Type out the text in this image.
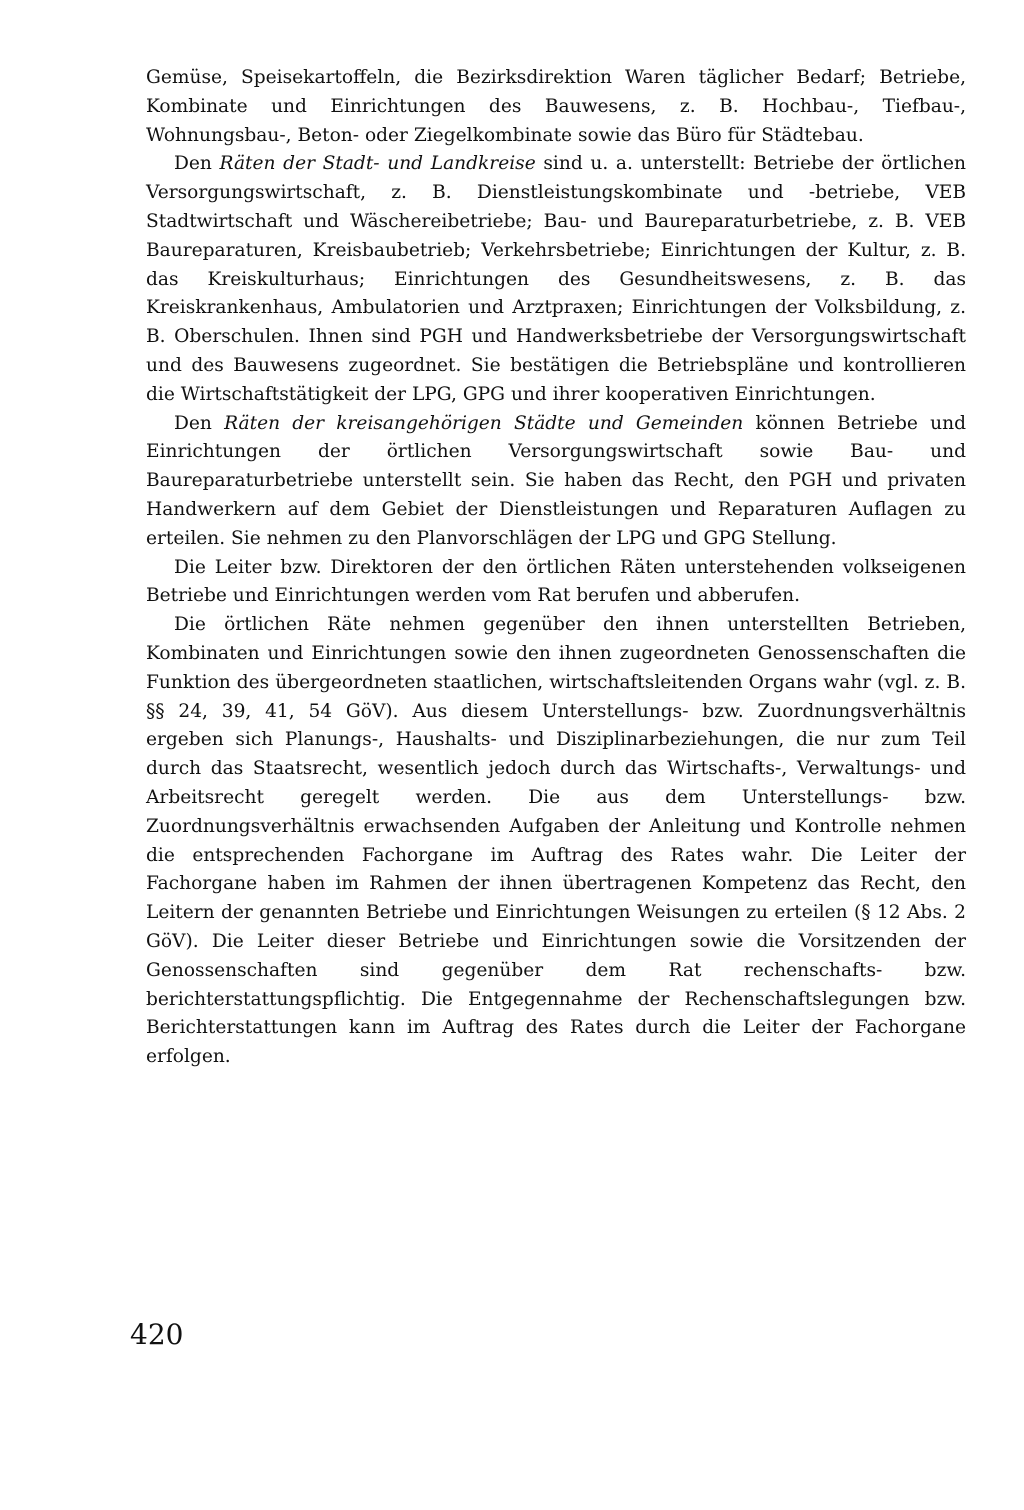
Gemüse, Speisekartoffeln, die Bezirksdirektion Waren täglicher Bedarf; Betriebe, Kombinate und Einrichtungen des Bauwesens, z. B. Hochbau-, Tiefbau-, Wohnungsbau-, Beton- oder Ziegelkombinate sowie das Büro für Städtebau.

Den Räten der Stadt- und Landkreise sind u. a. unterstellt: Betriebe der örtlichen Versorgungswirtschaft, z. B. Dienstleistungskombinate und -betriebe, VEB Stadtwirtschaft und Wäschereibetriebe; Bau- und Baureparaturbetriebe, z. B. VEB Baureparaturen, Kreisbaubetrieb; Verkehrsbetriebe; Einrichtungen der Kultur, z. B. das Kreiskulturhaus; Einrichtungen des Gesundheitswesens, z. B. das Kreiskrankenhaus, Ambulatorien und Arztpraxen; Einrichtungen der Volksbildung, z. B. Oberschulen. Ihnen sind PGH und Handwerksbetriebe der Versorgungswirtschaft und des Bauwesens zugeordnet. Sie bestätigen die Betriebspläne und kontrollieren die Wirtschaftstätigkeit der LPG, GPG und ihrer kooperativen Einrichtungen.

Den Räten der kreisangehörigen Städte und Gemeinden können Betriebe und Einrichtungen der örtlichen Versorgungswirtschaft sowie Bau- und Baureparaturbetriebe unterstellt sein. Sie haben das Recht, den PGH und privaten Handwerkern auf dem Gebiet der Dienstleistungen und Reparaturen Auflagen zu erteilen. Sie nehmen zu den Planvorschlägen der LPG und GPG Stellung.

Die Leiter bzw. Direktoren der den örtlichen Räten unterstehenden volkseigenen Betriebe und Einrichtungen werden vom Rat berufen und abberufen.

Die örtlichen Räte nehmen gegenüber den ihnen unterstellten Betrieben, Kombinaten und Einrichtungen sowie den ihnen zugeordneten Genossenschaften die Funktion des übergeordneten staatlichen, wirtschaftsleitenden Organs wahr (vgl. z. B. §§ 24, 39, 41, 54 GöV). Aus diesem Unterstellungs- bzw. Zuordnungsverhältnis ergeben sich Planungs-, Haushalts- und Disziplinarbeziehungen, die nur zum Teil durch das Staatsrecht, wesentlich jedoch durch das Wirtschafts-, Verwaltungs- und Arbeitsrecht geregelt werden. Die aus dem Unterstellungs- bzw. Zuordnungsverhältnis erwachsenden Aufgaben der Anleitung und Kontrolle nehmen die entsprechenden Fachorgane im Auftrag des Rates wahr. Die Leiter der Fachorgane haben im Rahmen der ihnen übertragenen Kompetenz das Recht, den Leitern der genannten Betriebe und Einrichtungen Weisungen zu erteilen (§ 12 Abs. 2 GöV). Die Leiter dieser Betriebe und Einrichtungen sowie die Vorsitzenden der Genossenschaften sind gegenüber dem Rat rechenschafts- bzw. berichterstattungspflichtig. Die Entgegennahme der Rechenschaftslegungen bzw. Berichterstattungen kann im Auftrag des Rates durch die Leiter der Fachorgane erfolgen.

420
